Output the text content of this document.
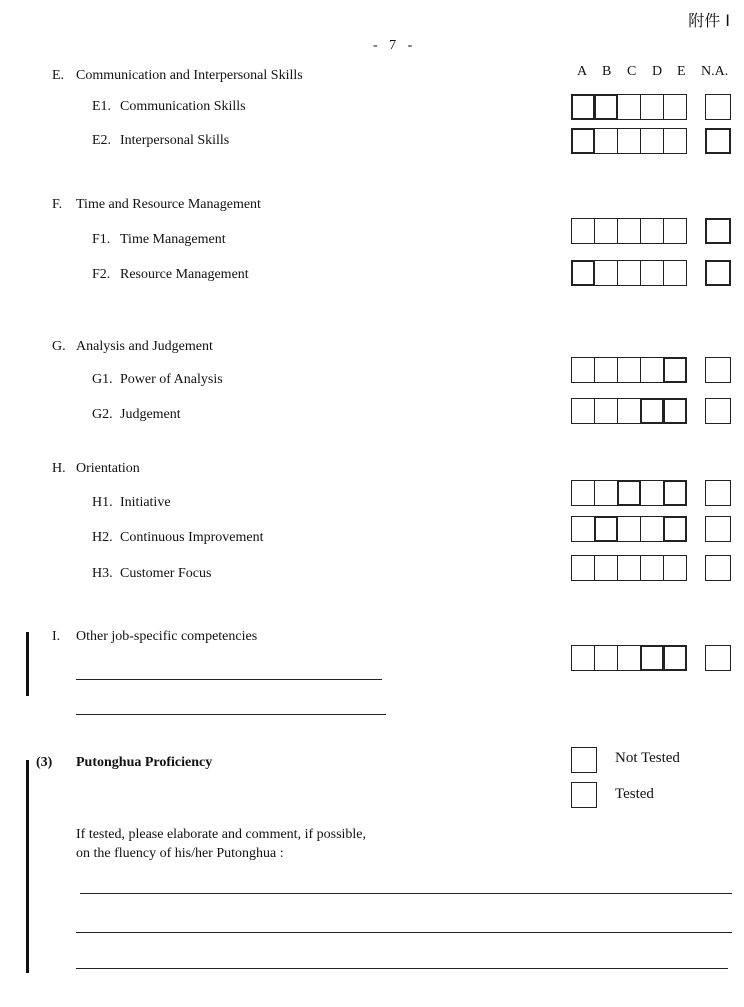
附件 I
- 7 -
A B C D E N.A.
E. Communication and Interpersonal Skills
E1. Communication Skills
E2. Interpersonal Skills
F. Time and Resource Management
F1. Time Management
F2. Resource Management
G. Analysis and Judgement
G1. Power of Analysis
G2. Judgement
H. Orientation
H1. Initiative
H2. Continuous Improvement
H3. Customer Focus
I. Other job-specific competencies
(3) Putonghua Proficiency	Not Tested
Tested
If tested, please elaborate and comment, if possible,
on the fluency of his/her Putonghua :
